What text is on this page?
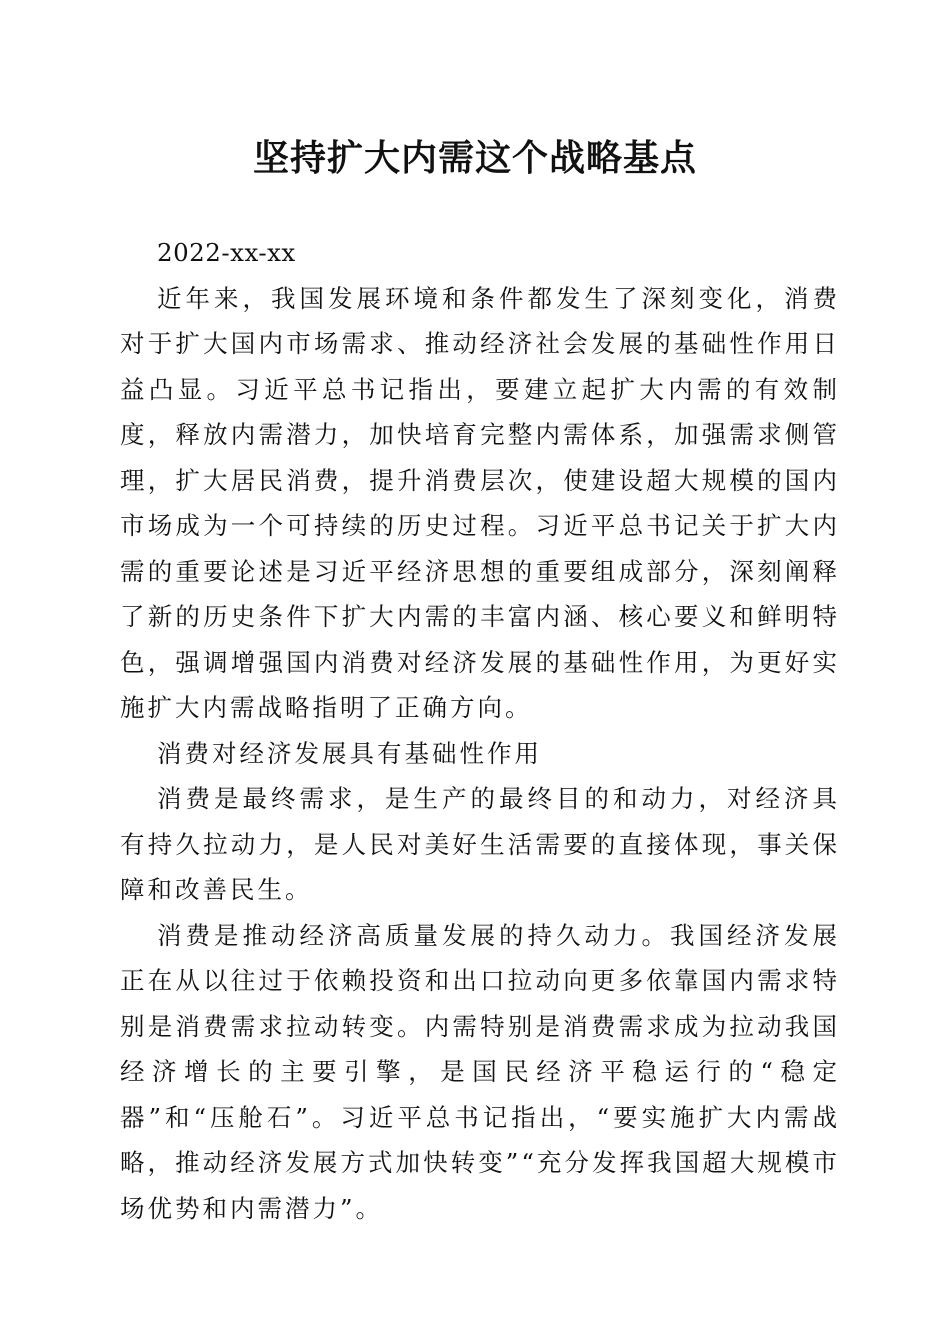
坚持扩大内需这个战略基点

2022-xx-xx

近年来，我国发展环境和条件都发生了深刻变化，消费对于扩大国内市场需求、推动经济社会发展的基础性作用日益凸显。习近平总书记指出，要建立起扩大内需的有效制度，释放内需潜力，加快培育完整内需体系，加强需求侧管理，扩大居民消费，提升消费层次，使建设超大规模的国内市场成为一个可持续的历史过程。习近平总书记关于扩大内需的重要论述是习近平经济思想的重要组成部分，深刻阐释了新的历史条件下扩大内需的丰富内涵、核心要义和鲜明特色，强调增强国内消费对经济发展的基础性作用，为更好实施扩大内需战略指明了正确方向。

消费对经济发展具有基础性作用

消费是最终需求，是生产的最终目的和动力，对经济具有持久拉动力，是人民对美好生活需要的直接体现，事关保障和改善民生。

消费是推动经济高质量发展的持久动力。我国经济发展正在从以往过于依赖投资和出口拉动向更多依靠国内需求特别是消费需求拉动转变。内需特别是消费需求成为拉动我国经济增长的主要引擎，是国民经济平稳运行的“稳定器”和“压舱石”。习近平总书记指出，“要实施扩大内需战略，推动经济发展方式加快转变”“充分发挥我国超大规模市场优势和内需潜力”。
